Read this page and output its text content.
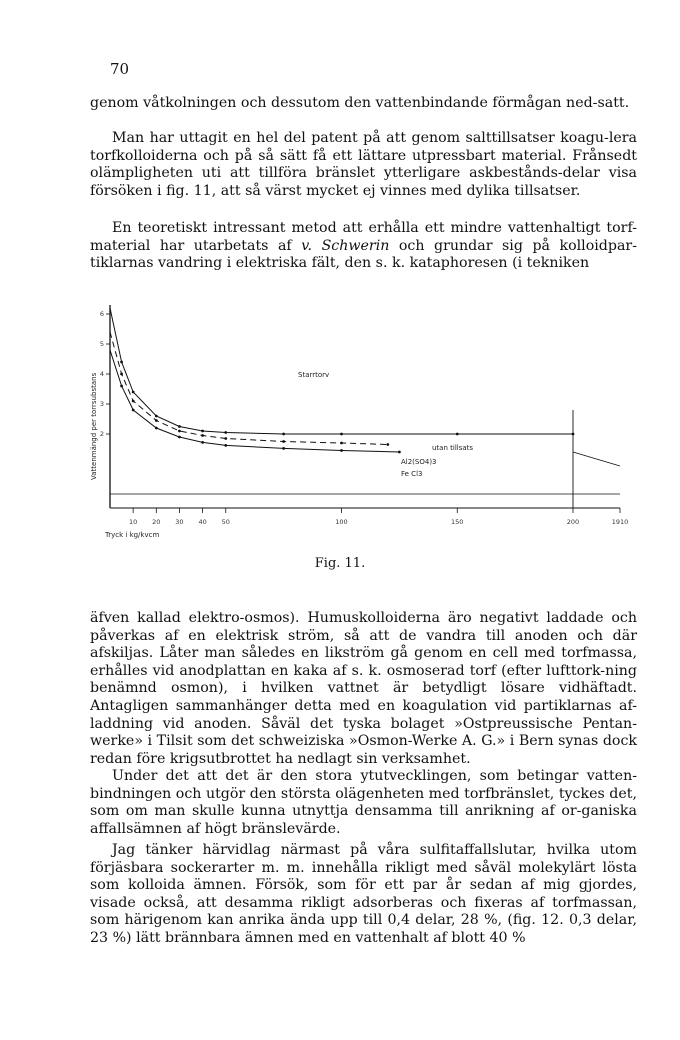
70

genom våtkolningen och dessutom den vattenbindande förmågan ned-satt.

Man har uttagit en hel del patent på att genom salttillsatser koagu-lera torfkolloiderna och på så sätt få ett lättare utpressbart material. Frånsedt olämpligheten uti att tillföra bränslet ytterligare askbestånds-delar visa försöken i fig. 11, att så värst mycket ej vinnes med dylika tillsatser.

En teoretiskt intressant metod att erhålla ett mindre vattenhaltigt torf-material har utarbetats af v. Schwerin och grundar sig på kolloidpar-tiklarnas vandring i elektriska fält, den s. k. kataphoresen (i tekniken

10 20 30 40 50	100	150	200	1910
2
3
4
5
6
Starrtorv
utan tillsats
Al2(SO4)3
Fe Cl3
Vattenmängd per torrsubstans
Tryck i kg/kvcm
Fig. 11.

äfven kallad elektro-osmos). Humuskolloiderna äro negativt laddade och påverkas af en elektrisk ström, så att de vandra till anoden och där afskiljas. Låter man således en likström gå genom en cell med torfmassa, erhålles vid anodplattan en kaka af s. k. osmoserad torf (efter lufttork-ning benämnd osmon), i hvilken vattnet är betydligt lösare vidhäftadt. Antagligen sammanhänger detta med en koagulation vid partiklarnas af-laddning vid anoden. Såväl det tyska bolaget »Ostpreussische Pentan-werke» i Tilsit som det schweiziska »Osmon-Werke A. G.» i Bern synas dock redan före krigsutbrottet ha nedlagt sin verksamhet.

Under det att det är den stora ytutvecklingen, som betingar vatten-bindningen och utgör den största olägenheten med torfbränslet, tyckes det, som om man skulle kunna utnyttja densamma till anrikning af or-ganiska affallsämnen af högt bränslevärde.

Jag tänker härvidlag närmast på våra sulfitaffallslutar, hvilka utom förjäsbara sockerarter m. m. innehålla rikligt med såväl molekylärt lösta som kolloida ämnen. Försök, som för ett par år sedan af mig gjordes, visade också, att desamma rikligt adsorberas och fixeras af torfmassan, som härigenom kan anrika ända upp till 0,4 delar, 28 %, (fig. 12. 0,3 delar, 23 %) lätt brännbara ämnen med en vattenhalt af blott 40 %
